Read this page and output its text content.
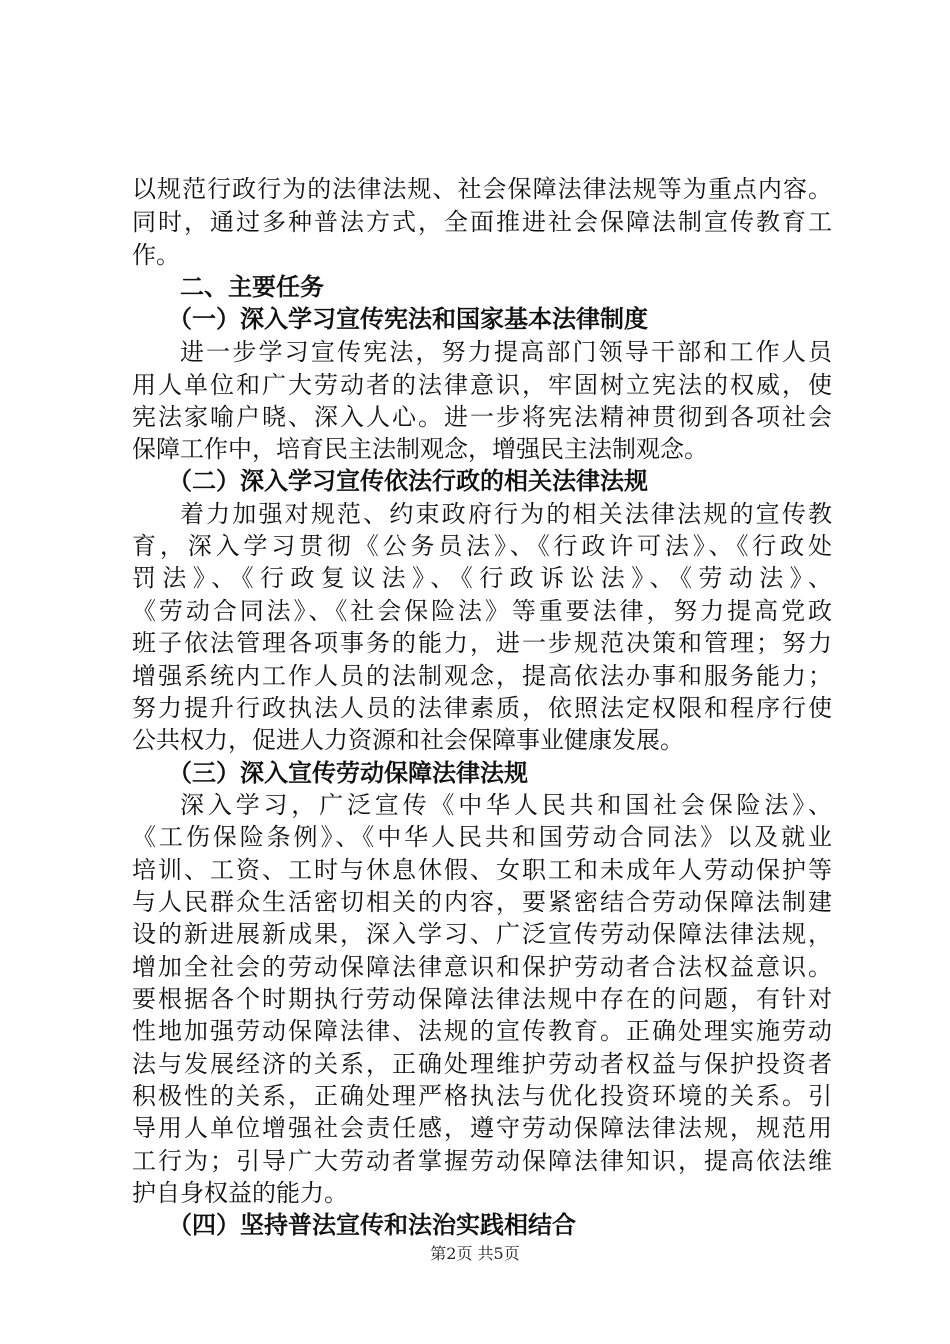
以规范行政行为的法律法规、社会保障法律法规等为重点内容。
同时，通过多种普法方式，全面推进社会保障法制宣传教育工
作。
二、主要任务
（一）深入学习宣传宪法和国家基本法律制度
进一步学习宣传宪法，努力提高部门领导干部和工作人员
用人单位和广大劳动者的法律意识，牢固树立宪法的权威，使
宪法家喻户晓、深入人心。进一步将宪法精神贯彻到各项社会
保障工作中，培育民主法制观念，增强民主法制观念。
（二）深入学习宣传依法行政的相关法律法规
着力加强对规范、约束政府行为的相关法律法规的宣传教
育，深入学习贯彻《公务员法》、《行政许可法》、《行政处
罚法》、《行政复议法》、《行政诉讼法》、《劳动法》、
《劳动合同法》、《社会保险法》等重要法律，努力提高党政
班子依法管理各项事务的能力，进一步规范决策和管理；努力
增强系统内工作人员的法制观念，提高依法办事和服务能力；
努力提升行政执法人员的法律素质，依照法定权限和程序行使
公共权力，促进人力资源和社会保障事业健康发展。
（三）深入宣传劳动保障法律法规
深入学习，广泛宣传《中华人民共和国社会保险法》、
《工伤保险条例》、《中华人民共和国劳动合同法》以及就业
培训、工资、工时与休息休假、女职工和未成年人劳动保护等
与人民群众生活密切相关的内容，要紧密结合劳动保障法制建
设的新进展新成果，深入学习、广泛宣传劳动保障法律法规，
增加全社会的劳动保障法律意识和保护劳动者合法权益意识。
要根据各个时期执行劳动保障法律法规中存在的问题，有针对
性地加强劳动保障法律、法规的宣传教育。正确处理实施劳动
法与发展经济的关系，正确处理维护劳动者权益与保护投资者
积极性的关系，正确处理严格执法与优化投资环境的关系。引
导用人单位增强社会责任感，遵守劳动保障法律法规，规范用
工行为；引导广大劳动者掌握劳动保障法律知识，提高依法维
护自身权益的能力。
（四）坚持普法宣传和法治实践相结合
第2页 共5页
